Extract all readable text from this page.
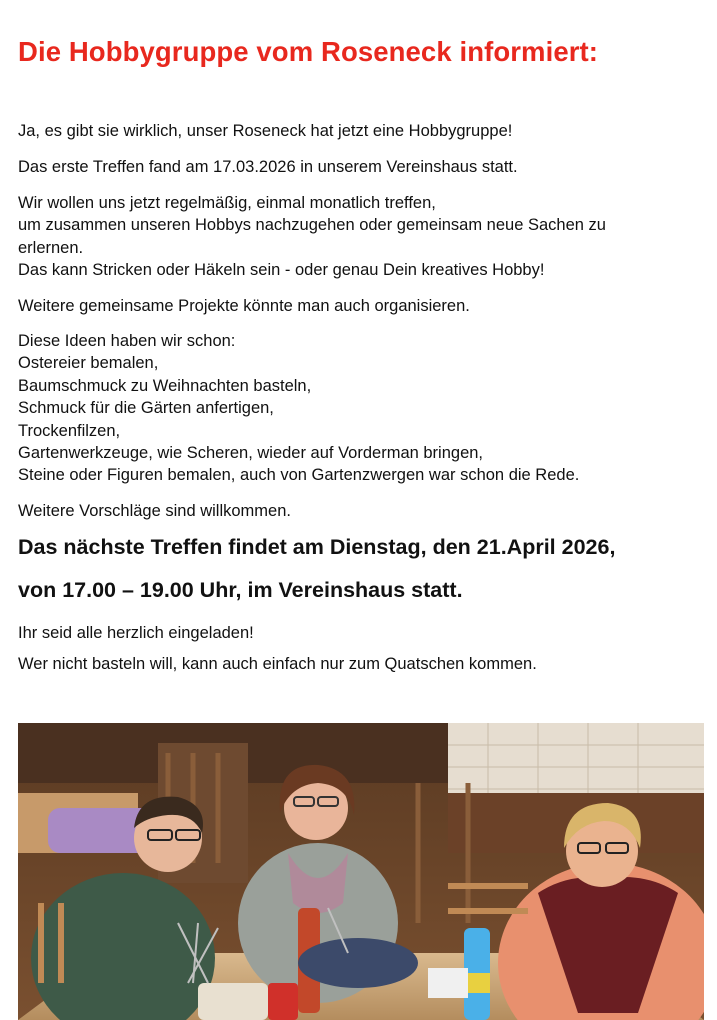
Die Hobbygruppe vom Roseneck informiert:

Ja, es gibt sie wirklich, unser Roseneck hat jetzt eine Hobbygruppe!

Das erste Treffen fand am 17.03.2026 in unserem Vereinshaus statt.

Wir wollen uns jetzt regelmäßig, einmal monatlich treffen,
um zusammen unseren Hobbys nachzugehen oder gemeinsam neue Sachen zu
erlernen.
Das kann Stricken oder Häkeln sein - oder genau Dein kreatives Hobby!

Weitere gemeinsame Projekte könnte man auch organisieren.

Diese Ideen haben wir schon:
Ostereier bemalen,
Baumschmuck zu Weihnachten basteln,
Schmuck für die Gärten anfertigen,
Trockenfilzen,
Gartenwerkzeuge, wie Scheren, wieder auf Vorderman bringen,
Steine oder Figuren bemalen, auch von Gartenzwergen war schon die Rede.

Weitere Vorschläge sind willkommen.

Das nächste Treffen findet am Dienstag, den 21.April 2026,

von 17.00 – 19.00 Uhr, im Vereinshaus statt.

Ihr seid alle herzlich eingeladen!

Wer nicht basteln will, kann auch einfach nur zum Quatschen kommen.
